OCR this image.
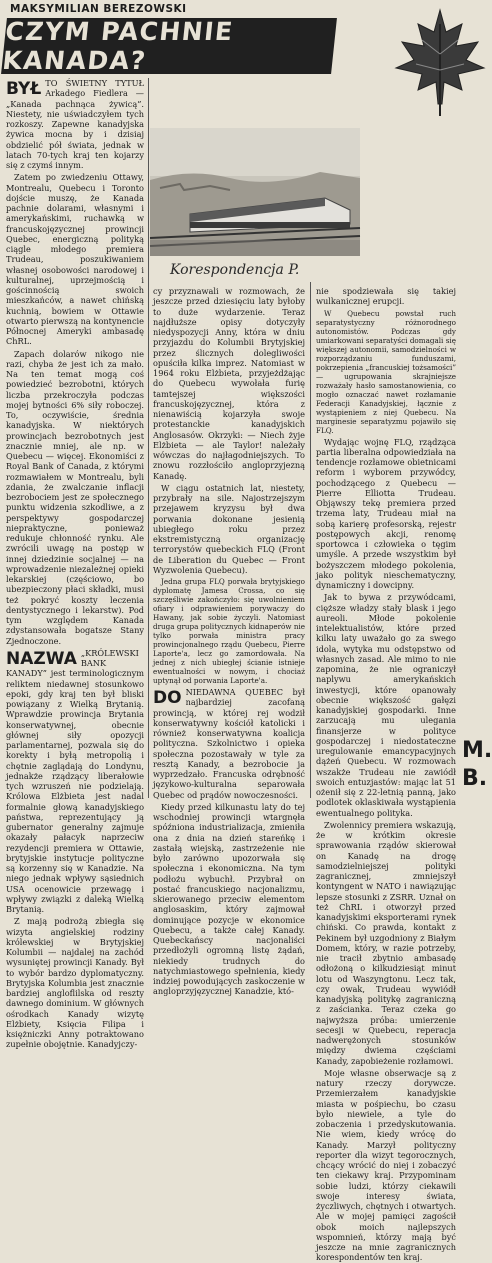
MAKSYMILIAN BEREZOWSKI
CZYM PACHNIE KANADA?
Korespondencja P.

BYŁ TO ŚWIETNY TYTUŁ Arkadego Fiedlera — „Kanada pachnąca żywicą”. Niestety, nie uświadczyłem tych rozkoszy. Zapewne kanadyjska żywica mocna by i dzisiaj obdzielić pół świata, jednak w latach 70-tych kraj ten kojarzy się z czymś innym.

Zatem po zwiedzeniu Ottawy, Montrealu, Quebecu i Toronto dojście muszę, że Kanada pachnie dolarami, własnymi i amerykańskimi, ruchawką w francuskojęzycznej prowincji Quebec, energiczną polityką ciągle młodego premiera Trudeau, poszukiwaniem własnej osobowości narodowej i kulturalnej, uprzejmością i gościnnością swoich mieszkańców, a nawet chińską kuchnią, bowiem w Ottawie otwarto pierwszą na kontynencie Północnej Ameryki ambasadę ChRL.

Zapach dolarów nikogo nie razi, chyba że jest ich za mało. Na ten temat mogą coś powiedzieć bezrobotni, których liczba przekroczyła podczas mojej bytności 6% siły roboczej. To, oczywiście, średnia kanadyjska. W niektórych prowincjach bezrobotnych jest znacznie mniej, ale np. w Quebecu — więcej. Ekonomiści z Royal Bank of Canada, z którymi rozmawiałem w Montrealu, byli zdania, że zwalczanie inflacji bezrobociem jest ze społecznego punktu widzenia szkodliwe, a z perspektywy gospodarczej niepraktyczne, ponieważ redukuje chłonność rynku. Ale zwrócili uwagę na postęp w innej dziedzinie socjalnej — na wprowadzenie niezależnej opieki lekarskiej (częściowo, bo ubezpieczony płaci składki, musi też pokryć koszty leczenia dentystycznego i lekarstw). Pod tym względem Kanada zdystansowała bogatsze Stany Zjednoczone.

NAZWA „KRÓLEWSKI BANK KANADY” jest terminologicznym reliktem niedawnej stosunkowo epoki, gdy kraj ten był bliski powiązany z Wielką Brytanią. Wprawdzie prowincja Brytania konserwatywnej, obecnie głównej siły opozycji parlamentarnej, pozwala się do korekty i byłą metropolią i chętnie zaglądają do Londynu, jednakże rządzący liberałowie tych wzruszeń nie podzielają. Królowa Elżbieta jest nadal formalnie głową kanadyjskiego państwa, reprezentujący ją gubernator generalny zajmuje okazały pałacyk naprzeciw rezydencji premiera w Ottawie, brytyjskie instytucje polityczne są korzenny się w Kanadzie. Na niego jednak wpływy sąsiednich USA ocenowicie przewagę i wpływy związki z daleką Wielką Brytanią.

Z mają podrożą zbiegła się wizyta angielskiej rodziny królewskiej w Brytyjskiej Kolumbii — najdalej na zachód wysuniętej prowincji Kanady. Był to wybór bardzo dyplomatyczny. Brytyjska Kolumbia jest znacznie bardziej angloflilska od reszty dawnego dominium. W głównych ośrodkach Kanady wizytę Elżbiety, Księcia Filipa i księżniczki Anny potraktowano zupełnie obojętnie. Kanadyjczy-

cy przyznawali w rozmowach, że jeszcze przed dziesięciu laty byłoby to duże wydarzenie. Teraz najdłuższe opisy dotyczyły niedyspozycji Anny, która w dniu przyjazdu do Kolumbii Brytyjskiej przez ślicznych dolegliwości opuściła kilka imprez. Natomiast w 1964 roku Elżbieta, przyjeżdżając do Quebecu wywołała furię tamtejszej większości francuskojęzycznej, która z nienawiścią kojarzyła swoje protestanckie kanadyjskich Anglosasów. Okrzyki: — Niech żyje Elżbieta — ale Taylor! należały wówczas do najłagodniejszych. To znowu rozzłościło angloprzyjezną Kanadę.

W ciągu ostatnich lat, niestety, przybrały na sile. Najostrzejszym przejawem kryzysu był dwa porwania dokonane jesienią ubiegłego roku przez ekstremistyczną organizację terrorystów quebeckich FLQ (Front de Liberation du Quebec — Front Wyzwolenia Quebecu).

Jedna grupa FLQ porwała brytyjskiego dyplomatę Jamesa Crossa, co się szczęśliwie zakończyło: się uwolnieniem ofiary i odprawieniem porywaczy do Hawany, jak sobie życzyli. Natomiast druga grupa politycznych kidnaperów nie tylko porwała ministra pracy prowincjonalnego rządu Quebecu, Pierre Laporte'a, lecz go zamordowała. Na jednej z nich ubiegłej ścianie istnieje ewentualności w nowym, i chociaż uptynął od porwania Laporte'a.

DO NIEDAWNA QUEBEC był najbardziej zacofaną prowincją, w której rej wodził konserwatywny kościół katolicki i również konserwatywna koalicja polityczna. Szkolnictwo i opieka społeczna pozostawały w tyle za resztą Kanady, a bezrobocie ja wyprzedzało. Francuska odrębność językowo-kulturalna separowała Quebec od prądów nowoczesności.

Kiedy przed kilkunastu laty do tej wschodniej prowincji wtargnęła spóźniona industrializacja, zmieniła ona z dnia na dzień stareńkę i zastałą wiejską, zastrzeżenie nie było zarówno upozorwała się społeczna i ekonomiczna. Na tym podłożu wybuchł. Przybrał on postać francuskiego nacjonalizmu, skierowanego przeciw elementom anglosaskim, który zajmował dominujące pozycje w ekonomice Quebecu, a także całej Kanady. Quebeckańscy nacjonaliści przedłożyli ogromną listę żądań, niekiedy trudnych do natychmiastowego spełnienia, kiedy indziej powodujących zaskoczenie w angloprzyjęzycznej Kanadzie, któ-

nie spodziewała się takiej wulkanicznej erupcji.

W Quebecu powstał ruch separatystyczny różnorodnego autonomistów. Podczas gdy umiarkowani separatyści domagali się większej autonomii, samodzielności w rozporządzaniu funduszami, pokrzepienia „francuskiej tożsamości” — ugrupowania skrajniejsze rozważały hasło samostanowienia, co mogło oznaczać nawet rozłamanie Federacji Kanadyjskiej, łącznie z wystąpieniem z niej Quebecu. Na marginesie separatyzmu pojawiło się FLQ.

Wydając wojnę FLQ, rządząca partia liberalna odpowiedziała na tendencje rozłamowe obietnicami reform i wyborem przywódcy, pochodzącego z Quebecu — Pierre Elliotta Trudeau. Objąwszy tekę premiera przed trzema laty, Trudeau miał na sobą karierę profesorską, rejestr postępowych akcji, renomę sportowca i człowieka o tęgim umyśle. A przede wszystkim był bożyszczem młodego pokolenia, jako polityk nieschematyczny, dynamiczny i dowcipny.

Jak to bywa z przywódcami, cięższe władzy stały blask i jego aureoli. Młode pokolenie intelektualistów, które przed kilku laty uważało go za swego idola, wytyka mu odstępstwo od własnych zasad. Ale mimo to nie zapomina, że nie ograniczył naplywu amerykańskich inwestycji, które opanowały obecnie większość gałęzi kanadyjskiej gospodarki. Inne zarzucają mu ulegania finansjerze w polityce gospodarczej i niedostateczne uregulowanie emancypacyjnych dążeń Quebecu. W rozmowach wszakże Trudeau nie zawiódł swoich entuzjastów: mając lat 51 ożenił się z 22-letnią panną, jako podlotek oklaskiwała wystąpienia ewentualnego polityka.

Zwolennicy premiera wskazują, że w krótkim okresie sprawowania rządów skierował on Kanadę na drogę samodzielniejszej polityki zagranicznej, zmniejszył kontyngent w NATO i nawiązując lepsze stosunki z ZSRR. Uznał on też ChRL i otworzył przed kanadyjskimi eksporterami rynek chiński. Co prawda, kontakt z Pekinem był uzgodniony z Białym Domem, który, w razie potrzeby, nie tracił zbytnio ambasadę odłożoną o kilkudziesiąt minut lotu od Waszyngtonu. Lecz tak, czy owak, Trudeau wywiódł kanadyjską politykę zagraniczną z zaścianka. Teraz czeka go najwyższa próba: umierzenie secesji w Quebecu, reperacja nadwerężonych stosunków między dwiema częściami Kanady, zapobieżenie rozłamowi.

Moje własne obserwacje są z natury rzeczy dorywcze. Przemierzałem kanadyjskie miasta w pośpiechu, bo czasu było niewiele, a tyle do zobaczenia i przedyskutowania. Nie wiem, kiedy wrócę do Kanady. Marzył polityczny reporter dla wizyt tegorocznych, chcący wrócić do niej i zobaczyć ten ciekawy kraj. Przypominam sobie ludzi, którzy ciekawili swoje interesy świata, życzliwych, chętnych i otwartych. Ale w mojej pamięci zagościł obok moich najlepszych wspomnień, którzy mają być jeszcze na mnie zagranicznych korespondentów ten kraj.

M.
B.
